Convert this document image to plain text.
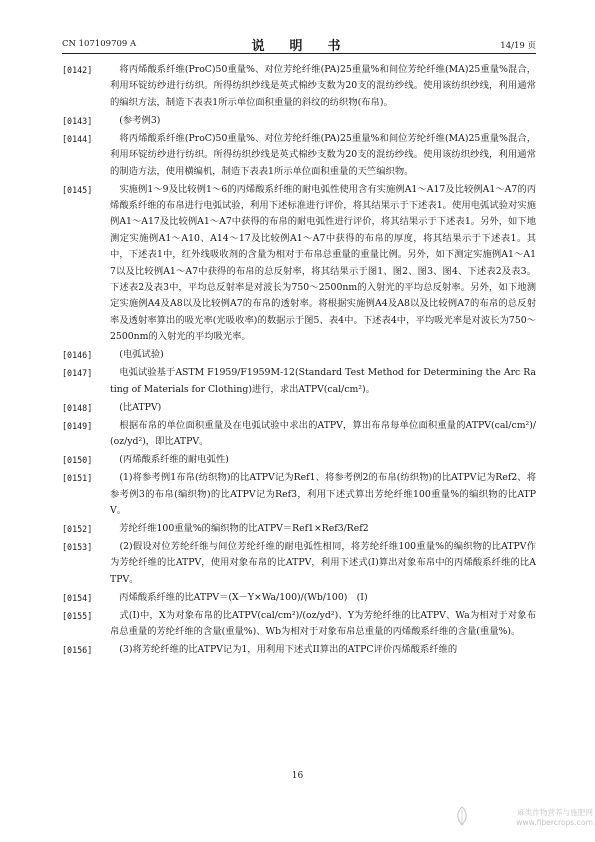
CN 107109709 A	说　明　书	14/19 页
[0142]	　将丙烯酸系纤维(ProC)50重量%、对位芳纶纤维(PA)25重量%和间位芳纶纤维(MA)25重量%混合，利用环锭纺纱进行纺织。所得纺织纱线是英式棉纱支数为20支的混纺纱线。使用该纺织纱线，利用通常的编织方法，制造下表表1所示单位面积重量的斜纹的纺织物(布帛)。
[0143]	　(参考例3)
[0144]	　将丙烯酸系纤维(ProC)50重量%、对位芳纶纤维(PA)25重量%和间位芳纶纤维(MA)25重量%混合，利用环锭纺纱进行纺织。所得纺织纱线是英式棉纱支数为20支的混纺纱线。使用该纺织纱线，利用通常的制造方法，使用横编机，制造下表表1所示单位面积重量的天竺编织物。
[0145]	　实施例1～9及比较例1～6的丙烯酸系纤维的耐电弧性使用含有实施例A1～A17及比较例A1～A7的丙烯酸系纤维的布帛进行电弧试验，利用下述标准进行评价，将其结果示于下述表1。使用电弧试验对实施例A1～A17及比较例A1～A7中获得的布帛的耐电弧性进行评价，将其结果示于下述表1。另外，如下地测定实施例A1～A10、A14～17及比较例A1～A7中获得的布帛的厚度，将其结果示于下述表1。其中，下述表1中，红外线吸收剂的含量为相对于布帛总重量的重量比例。另外，如下测定实施例A1～A17以及比较例A1～A7中获得的布帛的总反射率，将其结果示于图1、图2、图3、图4、下述表2及表3。下述表2及表3中，平均总反射率是对波长为750～2500nm的入射光的平均总反射率。另外，如下地测定实施例A4及A8以及比较例A7的布帛的透射率。将根据实施例A4及A8以及比较例A7的布帛的总反射率及透射率算出的吸光率(光吸收率)的数据示于图5、表4中。下述表4中，平均吸光率是对波长为750～2500nm的入射光的平均吸光率。
[0146]	　(电弧试验)
[0147]	　电弧试验基于ASTM F1959/F1959M-12(Standard Test Method for Determining the Arc Rating of Materials for Clothing)进行，求出ATPV(cal/cm²)。
[0148]	　(比ATPV)
[0149]	　根据布帛的单位面积重量及在电弧试验中求出的ATPV，算出布帛每单位面积重量的ATPV(cal/cm²)/(oz/yd²)，即比ATPV。
[0150]	　(丙烯酸系纤维的耐电弧性)
[0151]	　(1)将参考例1布帛(纺织物)的比ATPV记为Ref1、将参考例2的布帛(纺织物)的比ATPV记为Ref2、将参考例3的布帛(编织物)的比ATPV记为Ref3，利用下述式算出芳纶纤维100重量%的编织物的比ATPV。
[0152]	　芳纶纤维100重量%的编织物的比ATPV＝Ref1×Ref3/Ref2
[0153]	　(2)假设对位芳纶纤维与间位芳纶纤维的耐电弧性相同，将芳纶纤维100重量%的编织物的比ATPV作为芳纶纤维的比ATPV，使用对象布帛的比ATPV，利用下述式(I)算出对象布帛中的丙烯酸系纤维的比ATPV。
[0154]	　丙烯酸系纤维的比ATPV＝(X－Y×Wa/100)/(Wb/100)　(I)
[0155]	　式(I)中，X为对象布帛的比ATPV(cal/cm²)/(oz/yd²)、Y为芳纶纤维的比ATPV、Wa为相对于对象布帛总重量的芳纶纤维的含量(重量%)、Wb为相对于对象布帛总重量的丙烯酸系纤维的含量(重量%)。
[0156]	　(3)将芳纶纤维的比ATPV记为1，用利用下述式II算出的ATPC评价丙烯酸系纤维的
16
麻类作物营养与施肥网
www.fibercrops.com
